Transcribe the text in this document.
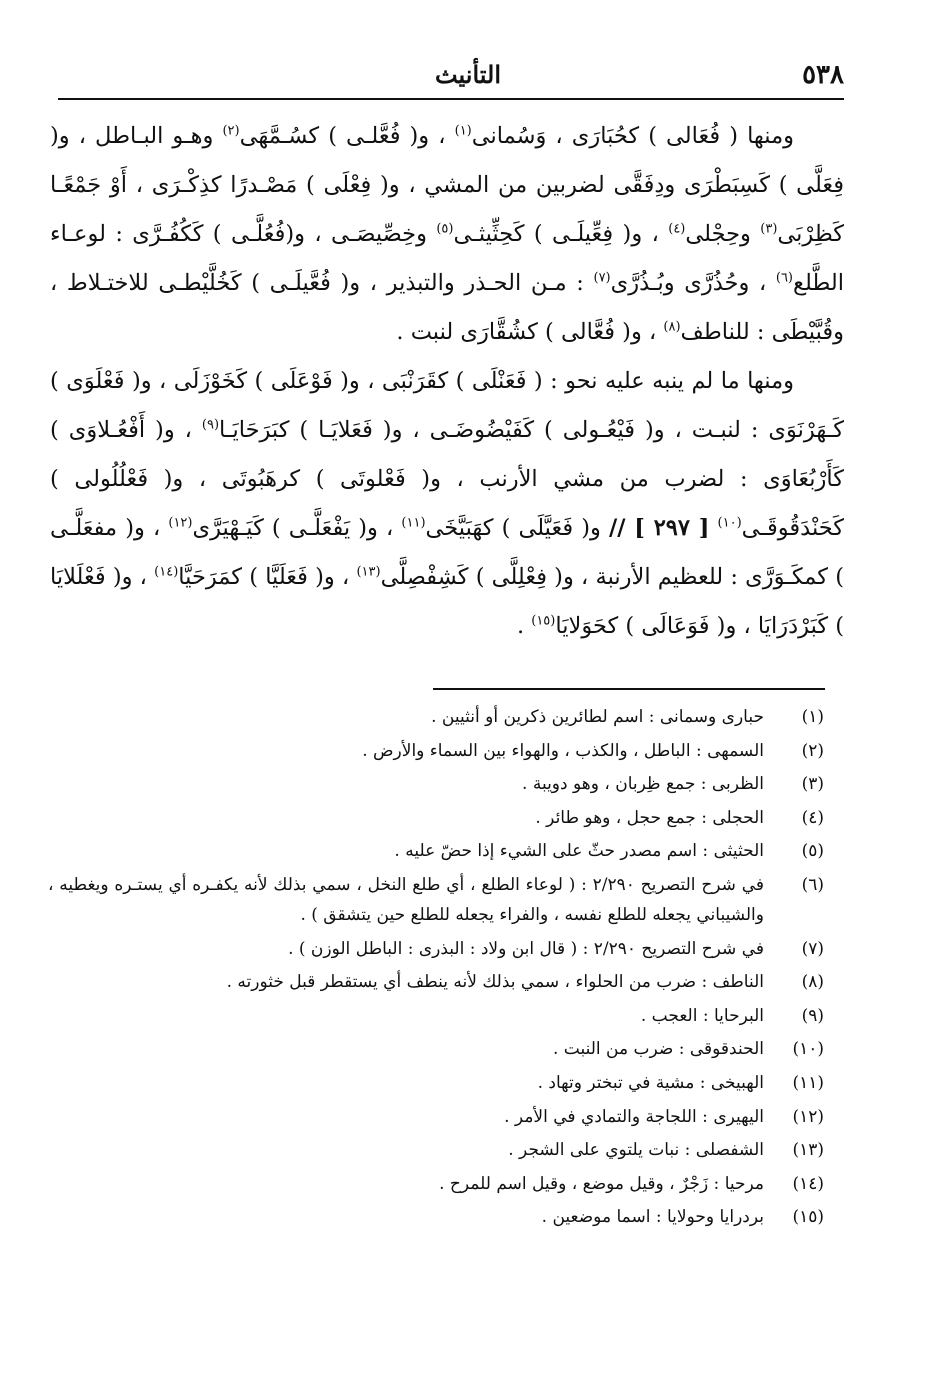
٥٣٨
التأنيث

ومنها ( فُعَالى ) كحُبَارَى ، وَسُمانى$^{(١)}$ ، و( فُعَّلـى ) كسُـمَّهَى$^{(٢)}$ وهـو البـاطل ، و( فِعَلَّى ) كَسِبَطْرَى ودِفَقَّى لضربين من المشي ، و( فِعْلَى ) مَصْـدرًا كذِكْـرَى ، أَوْ جَمْعًـا كَظِرْبَى$^{(٣)}$ وحِجْلى$^{(٤)}$ ، و( فِعِّيلَـى ) كَحِثِّيثـى$^{(٥)}$ وخِصِّيصَـى ، و(فُعُلَّـى ) كَكُفُـرَّى : لوعـاء الطَّلع$^{(٦)}$ ، وحُذُرَّى وبُـذُرَّى$^{(٧)}$ : مـن الحـذر والتبذير ، و( فُعَّيلَـى ) كَخُلَّيْطـى للاختـلاط ، وقُبَّيْطَى : للناطف$^{(٨)}$ ، و( فُعَّالى ) كشُقَّارَى لنبت .

ومنها ما لم ينبه عليه نحو : ( فَعَنْلَى ) كقَرَنْبَى ، و( فَوْعَلَى ) كَخَوْزَلَى ، و( فَعْلَوَى ) كَـهَرْنَوَى : لنبـت ، و( فَيْعُـولى ) كَفَيْضُوضَـى ، و( فَعَلايَـا ) كبَرَحَايَـا$^{(٩)}$ ، و( أَفْعُـلاوَى ) كَأَرْبُعَاوَى : لضرب من مشي الأرنب ، و( فَعْلوتَى ) كرهَبُوتَى ، و( فَعْلُلُولى ) كَحَنْدَقُوقَـى$^{(١٠)}$ [ ٢٩٧ ] // و( فَعَيَّلَى ) كهَبَيَّخَى$^{(١١)}$ ، و( يَفْعَلَّـى ) كَيَـهْيَرَّى$^{(١٢)}$ ، و( مفعَلَّـى ) كمكَـوَرَّى : للعظيم الأرنبة ، و( فِعْلِلَّى ) كَشِفْصِلَّى$^{(١٣)}$ ، و( فَعَلَيَّا ) كمَرَحَيَّا$^{(١٤)}$ ، و( فَعْلَلايَا ) كَبَرْدَرَايَا ، و( فَوَعَالَى ) كحَوَلايَا$^{(١٥)}$ .

(١)
حبارى وسمانى : اسم لطائرين ذكرين أو أنثيين .
(٢)
السمهى : الباطل ، والكذب ، والهواء بين السماء والأرض .
(٣)
الظربى : جمع ظِربان ، وهو دويبة .
(٤)
الحجلى : جمع حجل ، وهو طائر .
(٥)
الحثيثى : اسم مصدر حثّ على الشيء إذا حضّ عليه .
(٦)
في شرح التصريح ٢/٢٩٠ : ( لوعاء الطلع ، أي طلع النخل ، سمي بذلك لأنه يكفـره أي يستـره ويغطيه ، والشيباني يجعله للطلع نفسه ، والفراء يجعله للطلع حين يتشقق ) .
(٧)
في شرح التصريح ٢/٢٩٠ : ( قال ابن ولاد : البذرى : الباطل الوزن ) .
(٨)
الناطف : ضرب من الحلواء ، سمي بذلك لأنه ينطف أي يستقطر قبل خثورته .
(٩)
البرحايا : العجب .
(١٠)
الحندقوقى : ضرب من النبت .
(١١)
الهبيخى : مشية في تبختر وتهاد .
(١٢)
اليهيرى : اللجاجة والتمادي في الأمر .
(١٣)
الشفصلى : نبات يلتوي على الشجر .
(١٤)
مرحيا : زَجْرٌ ، وقيل موضع ، وقيل اسم للمرح .
(١٥)
بردرايا وحولايا : اسما موضعين .
